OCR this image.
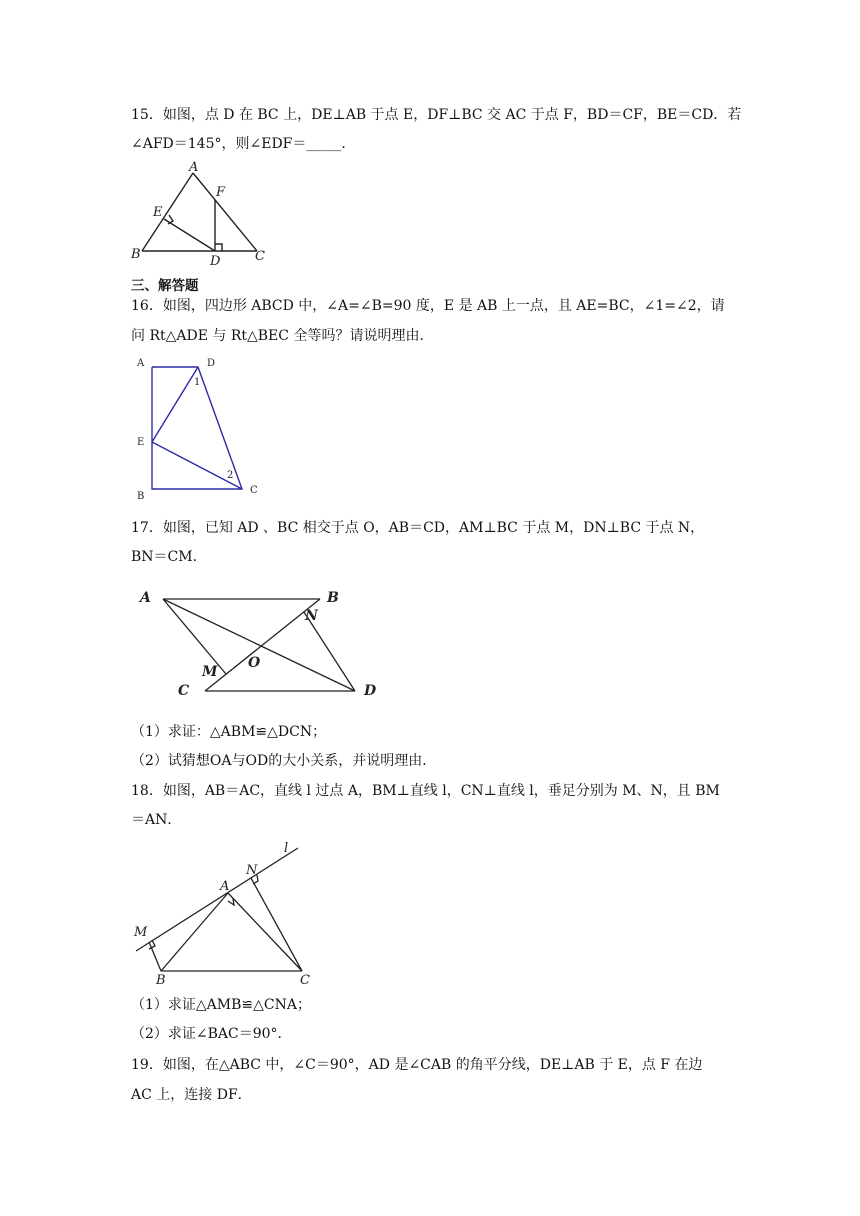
15．如图，点 D 在 BC 上，DE⊥AB 于点 E，DF⊥BC 交 AC 于点 F，BD＝CF，BE＝CD．若
∠AFD＝145°，则∠EDF＝_____．
A
B	C
D
E
F
三、解答题
16．如图，四边形 ABCD 中，∠A=∠B=90 度，E 是 AB 上一点，且 AE=BC，∠1=∠2，请
问 Rt△ADE 与 Rt△BEC 全等吗？请说明理由．
A	D
E
B
C
1
2
17．如图，已知 AD 、BC 相交于点 O，AB＝CD，AM⊥BC 于点 M，DN⊥BC 于点 N，
BN＝CM．
A	B
C	D
M
N
O
（1）求证：△ABM≌△DCN；
（2）试猜想OA与OD的大小关系，并说明理由．
18．如图，AB＝AC，直线 l 过点 A，BM⊥直线 l，CN⊥直线 l，垂足分别为 M、N，且 BM
＝AN．
M
A
N
l
B	C
（1）求证△AMB≌△CNA；
（2）求证∠BAC＝90°．
19．如图，在△ABC 中，∠C＝90°，AD 是∠CAB 的角平分线，DE⊥AB 于 E，点 F 在边
AC 上，连接 DF．
